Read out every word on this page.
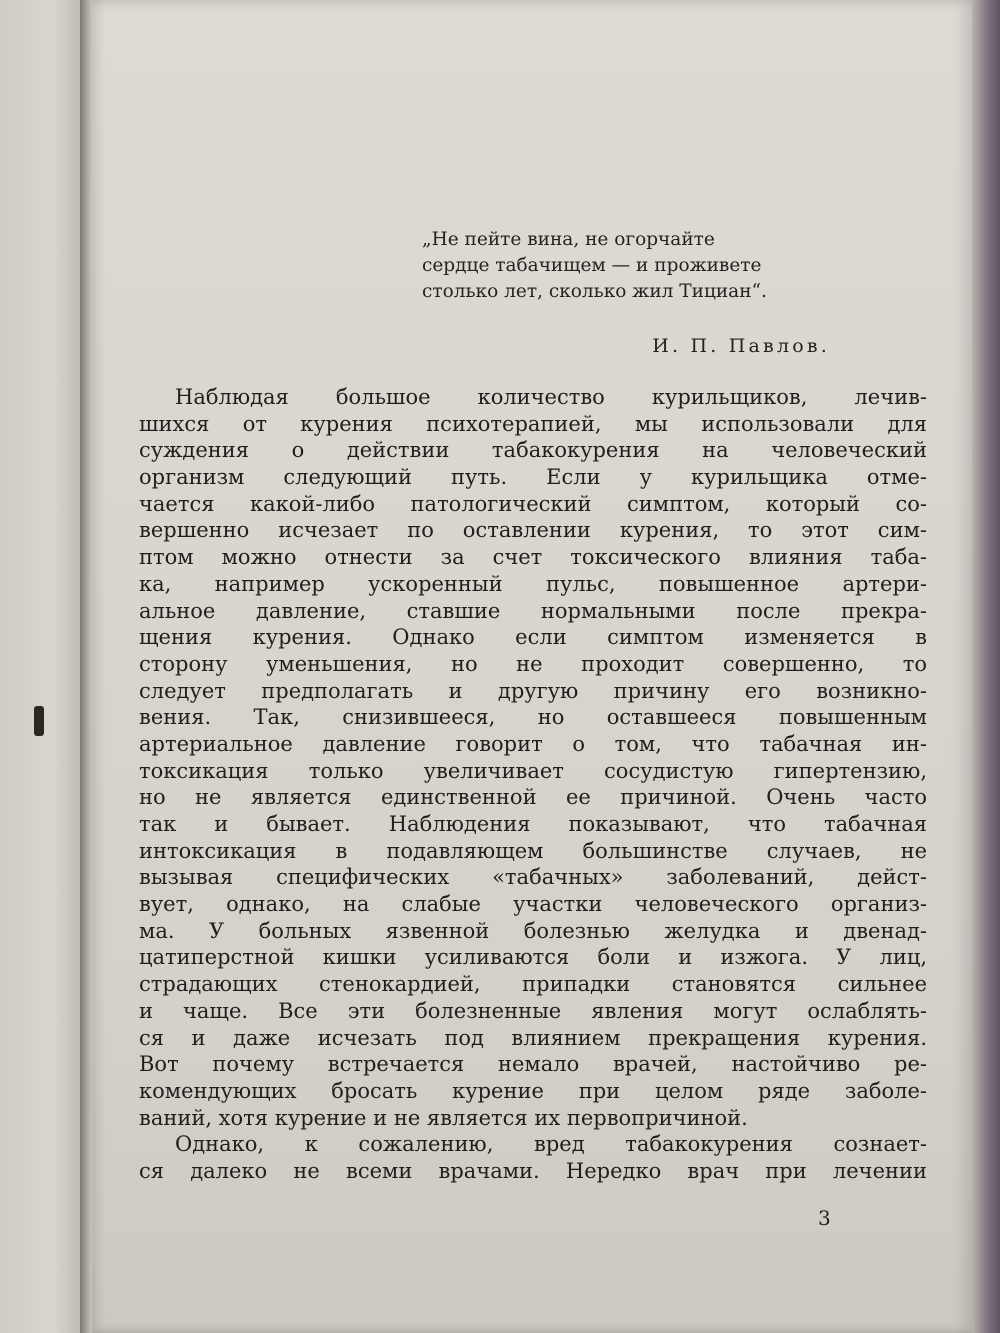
„Не пейте вина, не огорчайте
сердце табачищем — и проживете
столько лет, сколько жил Тициан“.
И. П. Павлов.
Наблюдая большое количество курильщиков, лечив-
шихся от курения психотерапией, мы использовали для
суждения о действии табакокурения на человеческий
организм следующий путь. Если у курильщика отме-
чается какой-либо патологический симптом, который со-
вершенно исчезает по оставлении курения, то этот сим-
птом можно отнести за счет токсического влияния таба-
ка, например ускоренный пульс, повышенное артери-
альное давление, ставшие нормальными после прекра-
щения курения. Однако если симптом изменяется в
сторону уменьшения, но не проходит совершенно, то
следует предполагать и другую причину его возникно-
вения. Так, снизившееся, но оставшееся повышенным
артериальное давление говорит о том, что табачная ин-
токсикация только увеличивает сосудистую гипертензию,
но не является единственной ее причиной. Очень часто
так и бывает. Наблюдения показывают, что табачная
интоксикация в подавляющем большинстве случаев, не
вызывая специфических «табачных» заболеваний, дейст-
вует, однако, на слабые участки человеческого организ-
ма. У больных язвенной болезнью желудка и двенад-
цатиперстной кишки усиливаются боли и изжога. У лиц,
страдающих стенокардией, припадки становятся сильнее
и чаще. Все эти болезненные явления могут ослаблять-
ся и даже исчезать под влиянием прекращения курения.
Вот почему встречается немало врачей, настойчиво ре-
комендующих бросать курение при целом ряде заболе-
ваний, хотя курение и не является их первопричиной.
Однако, к сожалению, вред табакокурения сознает-
ся далеко не всеми врачами. Нередко врач при лечении
3
